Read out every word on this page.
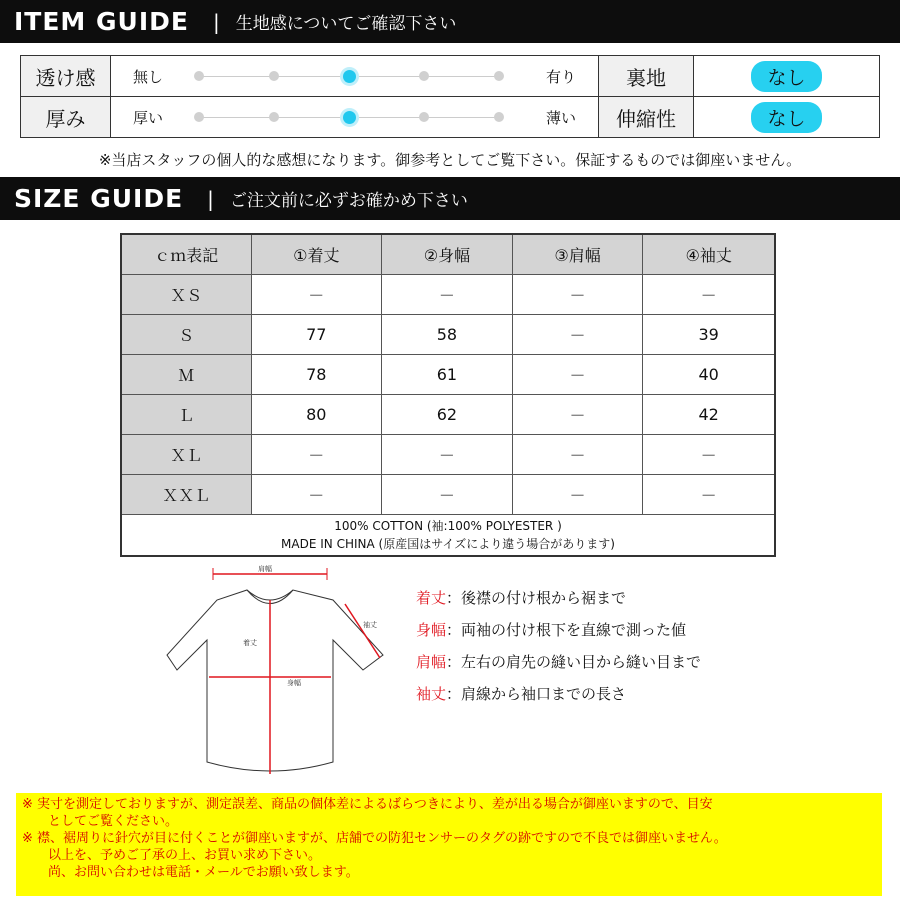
ITEM GUIDE | 生地感についてご確認下さい
透け感	無し 有り	裏地	なし
厚み	厚い 薄い	伸縮性	なし
※当店スタッフの個人的な感想になります。御参考としてご覧下さい。保証するものでは御座いません。
SIZE GUIDE | ご注文前に必ずお確かめ下さい
ｃｍ表記	①着丈	②身幅	③肩幅	④袖丈
ＸＳ	－	－	－	－
Ｓ	77	58	－	39
Ｍ	78	61	－	40
Ｌ	80	62	－	42
ＸＬ	－	－	－	－
ＸＸＬ	－	－	－	－

100% COTTON (袖:100% POLYESTER )
MADE IN CHINA (原産国はサイズにより違う場合があります)				
肩幅
着丈
身幅
袖丈
着丈：後襟の付け根から裾まで
身幅：両袖の付け根下を直線で測った値
肩幅：左右の肩先の縫い目から縫い目まで
袖丈：肩線から袖口までの長さ
※ 実寸を測定しておりますが、測定誤差、商品の個体差によるばらつきにより、差が出る場合が御座いますので、目安
としてご覧ください。
※ 襟、裾周りに針穴が目に付くことが御座いますが、店舗での防犯センサーのタグの跡ですので不良では御座いません。
以上を、予めご了承の上、お買い求め下さい。
尚、お問い合わせは電話・メールでお願い致します。
